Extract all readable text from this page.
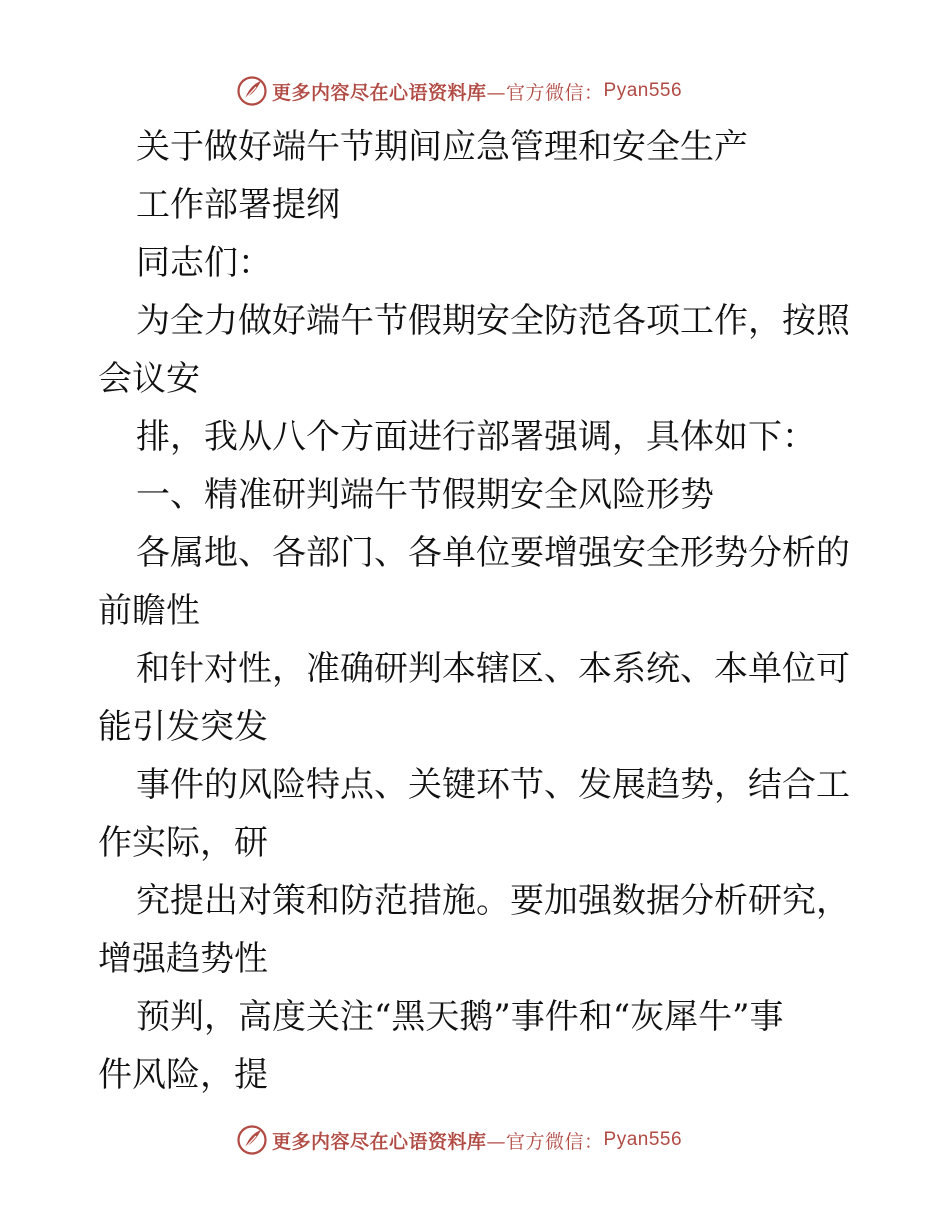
更多内容尽在心语资料库 —官方微信： Pyan556

关于做好端午节期间应急管理和安全生产

工作部署提纲

同志们：

为全力做好端午节假期安全防范各项工作，按照

会议安

排，我从八个方面进行部署强调，具体如下：

一、精准研判端午节假期安全风险形势

各属地、各部门、各单位要增强安全形势分析的

前瞻性

和针对性，准确研判本辖区、本系统、本单位可

能引发突发

事件的风险特点、关键环节、发展趋势，结合工

作实际，研

究提出对策和防范措施。要加强数据分析研究，

增强趋势性

预判，高度关注“黑天鹅”事件和“灰犀牛”事

件风险，提

更多内容尽在心语资料库 —官方微信： Pyan556
